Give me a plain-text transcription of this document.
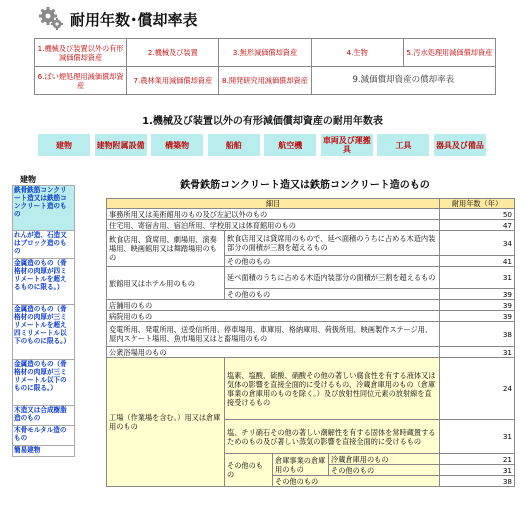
耐用年数･償却率表
1.機械及び装置以外の有形減価償却資産	2.機械及び装置	3.無形減価償却資産	4.生物	5.汚水処理用減価償却資産
6.ばい煙処理用減価償却資産	7.農林業用減価償却資産	8.開発研究用減価償却資産	9.減価償却資産の償却率表	
1.機械及び装置以外の有形減価償却資産の耐用年数表
建物	建物附属設備	構築物	船舶	航空機	車両及び運搬具	工具	器具及び備品
建物
鉄骨鉄筋コンクリート造又は鉄筋コンクリート造のもの
れんが造、石造又はブロック造のもの
金属造のもの（骨格材の肉厚が四ミリメートルを超えるものに限る。）
金属造のもの（骨格材の肉厚が三ミリメートルを超え四ミリメートル以下のものに限る。）
金属造のもの（骨格材の肉厚が三ミリメートル以下のものに限る。）
木造又は合成樹脂造のもの
木骨モルタル造のもの
簡易建物
鉄骨鉄筋コンクリート造又は鉄筋コンクリート造のもの
細目				耐用年数（年）
事務所用又は美術館用のもの及び左記以外のもの				50
住宅用、寄宿舎用、宿泊所用、学校用又は体育館用のもの				47
飲食店用、貸席用、劇場用、演奏場用、映画館用又は舞踏場用のもの	飲食店用又は貸席用のもので、延べ面積のうちに占める木造内装部分の面積が三割を超えるもの			34
	その他のもの			41
旅館用又はホテル用のもの	延べ面積のうちに占める木造内装部分の面積が三割を超えるもの			31
	その他のもの			39
店舗用のもの				39
病院用のもの				39
変電所用、発電所用、送受信所用、停車場用、車庫用、格納庫用、荷扱所用、映画製作ステージ用、屋内スケート場用、魚市場用又はと畜場用のもの				38
公衆浴場用のもの				31
工場（作業場を含む。）用又は倉庫用のもの	塩素、塩酸、硫酸、硝酸その他の著しい腐食性を有する液体又は気体の影響を直接全面的に受けるもの、冷蔵倉庫用のもの（倉庫事業の倉庫用のものを除く。）及び放射性同位元素の放射線を直接受けるもの			24
	塩、チリ硝石その他の著しい潮解性を有する固体を常時蔵置するためのもの及び著しい蒸気の影響を直接全面的に受けるもの			31
	その他のもの	倉庫事業の倉庫用のもの	冷蔵倉庫用のもの	21
			その他のもの	31
		その他のもの		38
